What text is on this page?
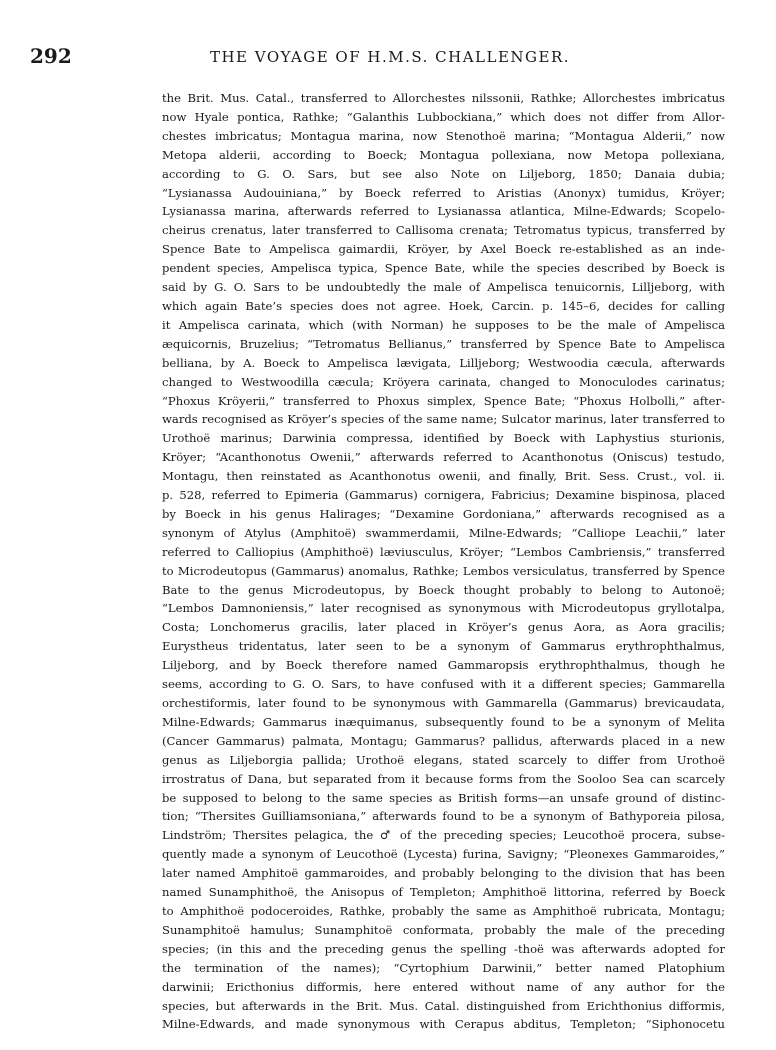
292	THE VOYAGE OF H.M.S. CHALLENGER.

the Brit. Mus. Catal., transferred to Allorchestes nilssonii, Rathke; Allorchestes imbricatus
now Hyale pontica, Rathke; “Galanthis Lubbockiana,” which does not differ from Allor-
chestes imbricatus; Montagua marina, now Stenothoë marina; “Montagua Alderii,” now
Metopa alderii, according to Boeck; Montagua pollexiana, now Metopa pollexiana,
according to G. O. Sars, but see also Note on Liljeborg, 1850; Danaia dubia;
“Lysianassa Audouiniana,” by Boeck referred to Aristias (Anonyx) tumidus, Kröyer;
Lysianassa marina, afterwards referred to Lysianassa atlantica, Milne-Edwards; Scopelo-
cheirus crenatus, later transferred to Callisoma crenata; Tetromatus typicus, transferred by
Spence Bate to Ampelisca gaimardii, Kröyer, by Axel Boeck re-established as an inde-
pendent species, Ampelisca typica, Spence Bate, while the species described by Boeck is
said by G. O. Sars to be undoubtedly the male of Ampelisca tenuicornis, Lilljeborg, with
which again Bate’s species does not agree. Hoek, Carcin. p. 145–6, decides for calling
it Ampelisca carinata, which (with Norman) he supposes to be the male of Ampelisca
æquicornis, Bruzelius; “Tetromatus Bellianus,” transferred by Spence Bate to Ampelisca
belliana, by A. Boeck to Ampelisca lævigata, Lilljeborg; Westwoodia cæcula, afterwards
changed to Westwoodilla cæcula; Kröyera carinata, changed to Monoculodes carinatus;
“Phoxus Kröyerii,” transferred to Phoxus simplex, Spence Bate; “Phoxus Holbolli,” after-
wards recognised as Kröyer’s species of the same name; Sulcator marinus, later transferred to
Urothoë marinus; Darwinia compressa, identified by Boeck with Laphystius sturionis,
Kröyer; “Acanthonotus Owenii,” afterwards referred to Acanthonotus (Oniscus) testudo,
Montagu, then reinstated as Acanthonotus owenii, and finally, Brit. Sess. Crust., vol. ii.
p. 528, referred to Epimeria (Gammarus) cornigera, Fabricius; Dexamine bispinosa, placed
by Boeck in his genus Halirages; “Dexamine Gordoniana,” afterwards recognised as a
synonym of Atylus (Amphitoë) swammerdamii, Milne-Edwards; “Calliope Leachii,” later
referred to Calliopius (Amphithoë) læviusculus, Kröyer; “Lembos Cambriensis,” transferred
to Microdeutopus (Gammarus) anomalus, Rathke; Lembos versiculatus, transferred by Spence
Bate to the genus Microdeutopus, by Boeck thought probably to belong to Autonoë;
“Lembos Damnoniensis,” later recognised as synonymous with Microdeutopus gryllotalpa,
Costa; Lonchomerus gracilis, later placed in Kröyer’s genus Aora, as Aora gracilis;
Eurystheus tridentatus, later seen to be a synonym of Gammarus erythrophthalmus,
Liljeborg, and by Boeck therefore named Gammaropsis erythrophthalmus, though he
seems, according to G. O. Sars, to have confused with it a different species; Gammarella
orchestiformis, later found to be synonymous with Gammarella (Gammarus) brevicaudata,
Milne-Edwards; Gammarus inæquimanus, subsequently found to be a synonym of Melita
(Cancer Gammarus) palmata, Montagu; Gammarus? pallidus, afterwards placed in a new
genus as Liljeborgia pallida; Urothoë elegans, stated scarcely to differ from Urothoë
irrostratus of Dana, but separated from it because forms from the Sooloo Sea can scarcely
be supposed to belong to the same species as British forms—an unsafe ground of distinc-
tion; “Thersites Guilliamsoniana,” afterwards found to be a synonym of Bathyporeia pilosa,
Lindström; Thersites pelagica, the ♂ of the preceding species; Leucothoë procera, subse-
quently made a synonym of Leucothoë (Lycesta) furina, Savigny; “Pleonexes Gammaroides,”
later named Amphitoë gammaroides, and probably belonging to the division that has been
named Sunamphithoë, the Anisopus of Templeton; Amphithoë littorina, referred by Boeck
to Amphithoë podoceroides, Rathke, probably the same as Amphithoë rubricata, Montagu;
Sunamphitoë hamulus; Sunamphitoë conformata, probably the male of the preceding
species; (in this and the preceding genus the spelling -thoë was afterwards adopted for
the termination of the names); “Cyrtophium Darwinii,” better named Platophium
darwinii; Ericthonius difformis, here entered without name of any author for the
species, but afterwards in the Brit. Mus. Catal. distinguished from Erichthonius difformis,
Milne-Edwards, and made synonymous with Cerapus abditus, Templeton; “Siphonocetu
